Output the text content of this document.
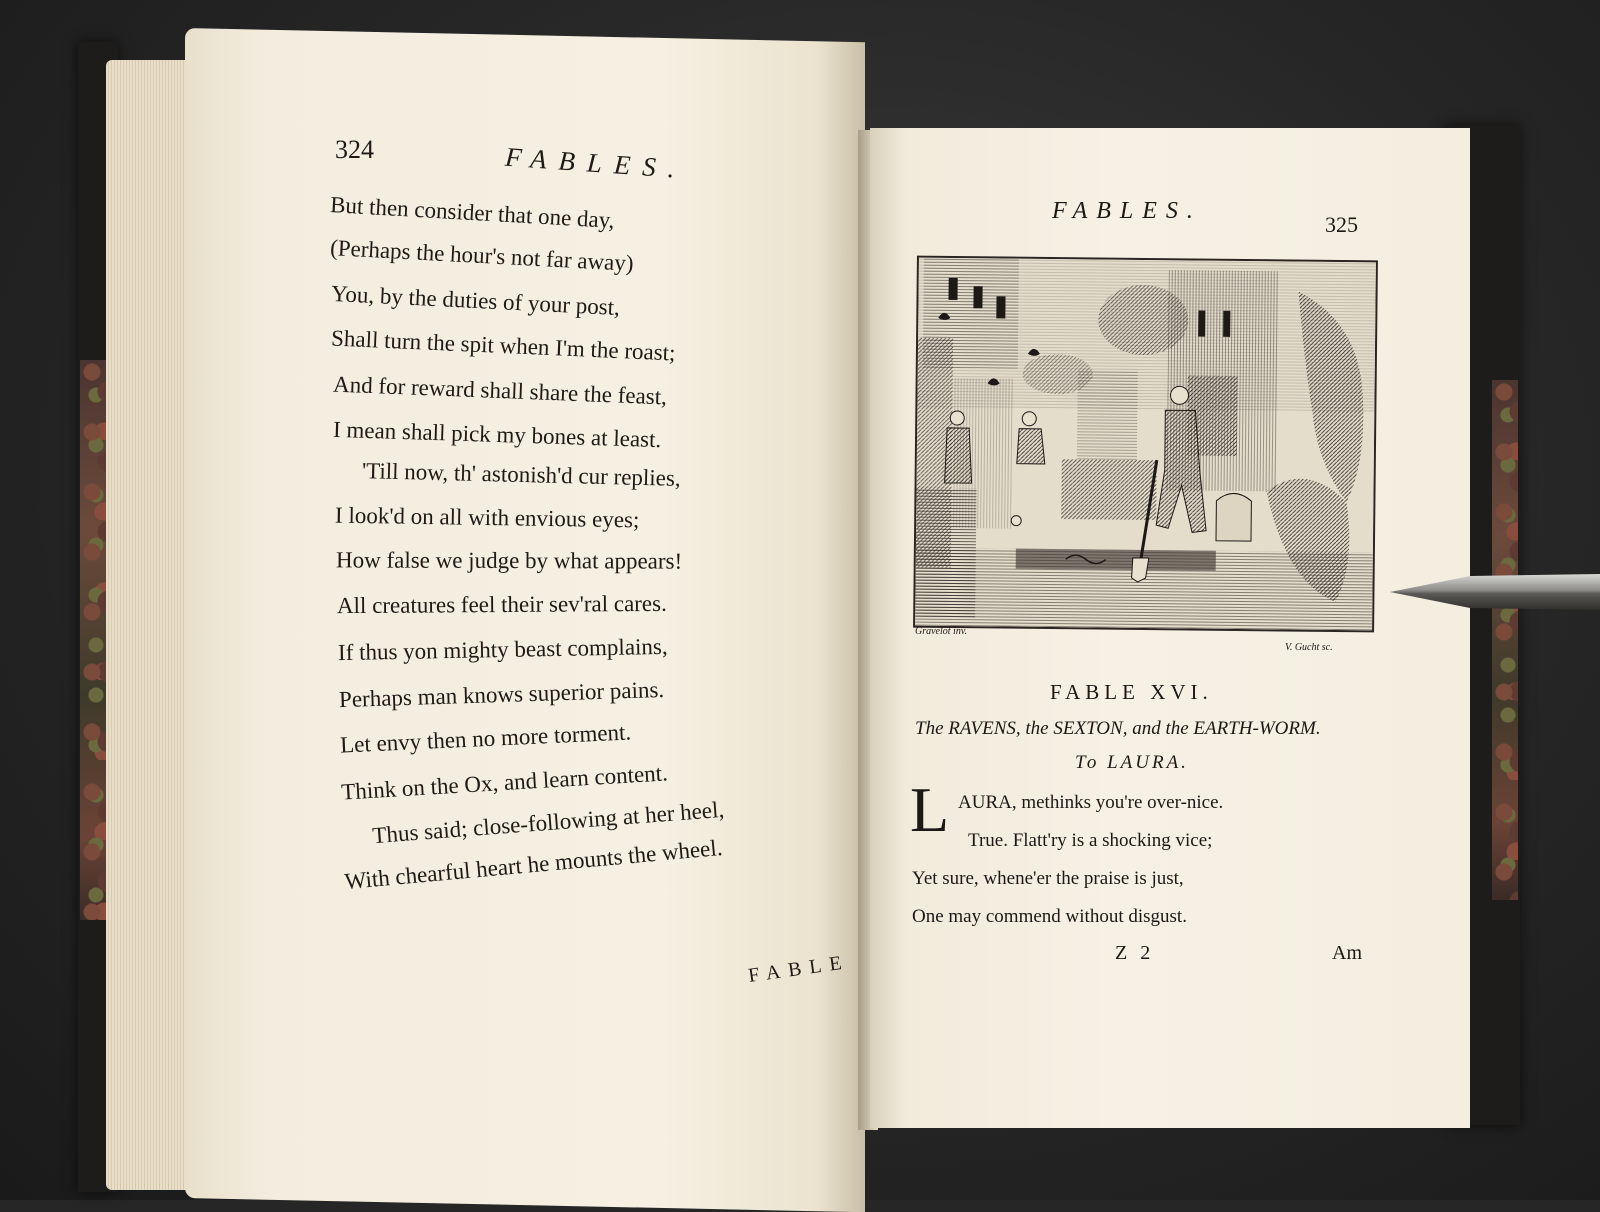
324	FABLES.
But then consider that one day,
(Perhaps the hour's not far away)
You, by the duties of your post,
Shall turn the spit when I'm the roast;
And for reward shall share the feast,
I mean shall pick my bones at least.
'Till now, th' astonish'd cur replies,
I look'd on all with envious eyes;
How false we judge by what appears!
All creatures feel their sev'ral cares.
If thus yon mighty beast complains,
Perhaps man knows superior pains.
Let envy then no more torment.
Think on the Ox, and learn content.
Thus said; close-following at her heel,
With chearful heart he mounts the wheel.
FABLE
FABLES.
325
Gravelot inv.
V. Gucht sc.
FABLE XVI.
The RAVENS, the SEXTON, and the EARTH-WORM.
To LAURA.
L AURA, methinks you're over-nice.
True. Flatt'ry is a shocking vice;
Yet sure, whene'er the praise is just,
One may commend without disgust.
Z 2	Am
